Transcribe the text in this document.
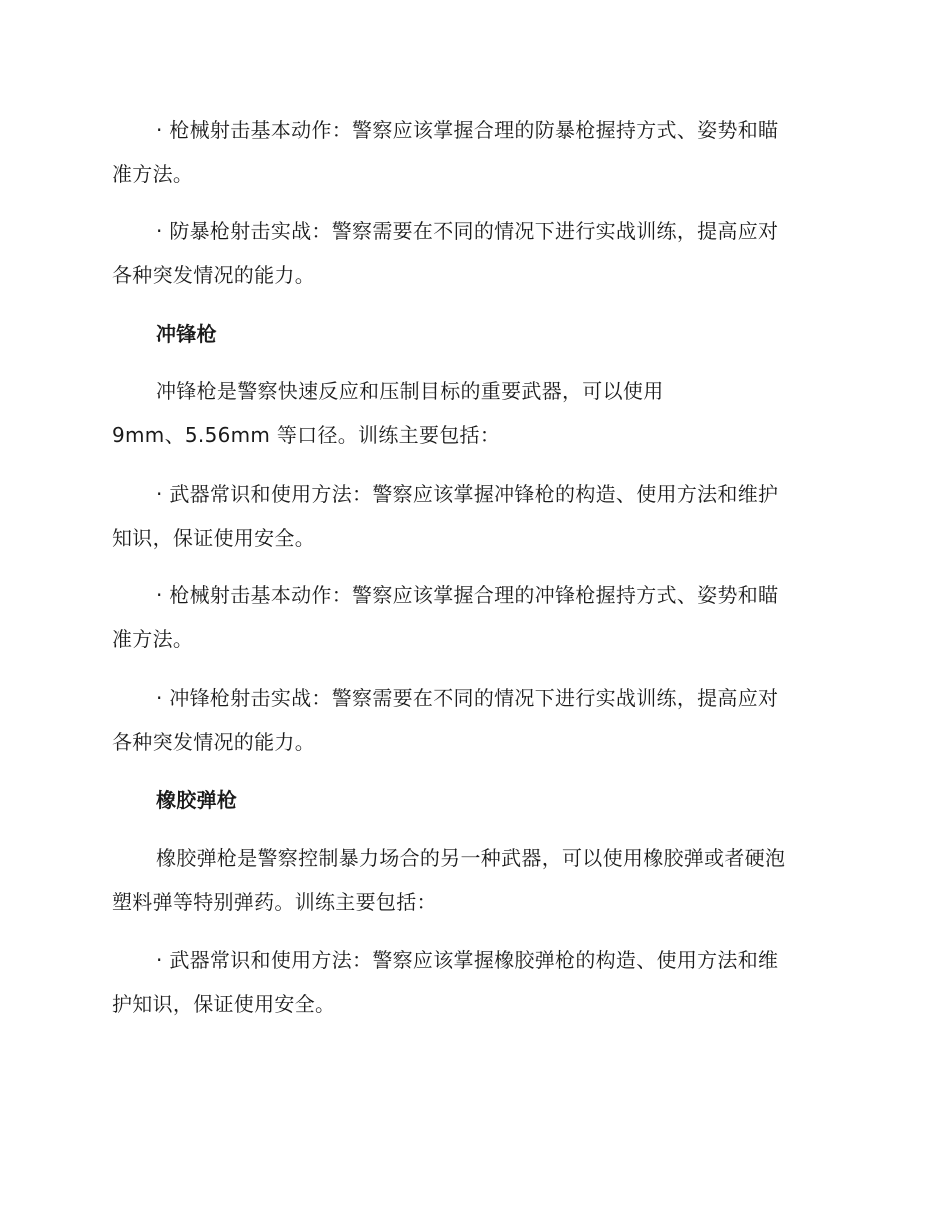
· 枪械射击基本动作：警察应该掌握合理的防暴枪握持方式、姿势和瞄
准方法。
· 防暴枪射击实战：警察需要在不同的情况下进行实战训练，提高应对
各种突发情况的能力。
冲锋枪
冲锋枪是警察快速反应和压制目标的重要武器，可以使用
9mm、5.56mm 等口径。训练主要包括：
· 武器常识和使用方法：警察应该掌握冲锋枪的构造、使用方法和维护
知识，保证使用安全。
· 枪械射击基本动作：警察应该掌握合理的冲锋枪握持方式、姿势和瞄
准方法。
· 冲锋枪射击实战：警察需要在不同的情况下进行实战训练，提高应对
各种突发情况的能力。
橡胶弹枪
橡胶弹枪是警察控制暴力场合的另一种武器，可以使用橡胶弹或者硬泡
塑料弹等特别弹药。训练主要包括：
· 武器常识和使用方法：警察应该掌握橡胶弹枪的构造、使用方法和维
护知识，保证使用安全。
